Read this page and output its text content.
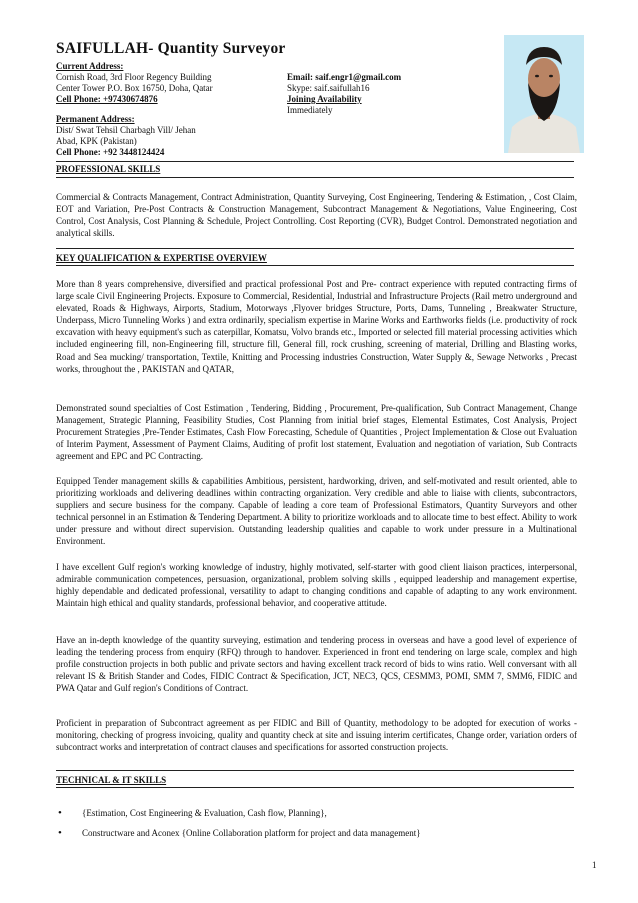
SAIFULLAH- Quantity Surveyor
Current Address:
Cornish Road, 3rd Floor Regency Building
Center Tower P.O. Box 16750, Doha, Qatar
Cell Phone: +97430674876
Email: saif.engr1@gmail.com
Skype: saif.saifullah16
Joining Availability
Immediately
Permanent Address:
Dist/ Swat Tehsil Charbagh Vill/ Jehan
Abad, KPK (Pakistan)
Cell Phone: +92 3448124424
PROFESSIONAL SKILLS
Commercial & Contracts Management, Contract Administration, Quantity Surveying, Cost Engineering, Tendering & Estimation, , Cost Claim, EOT and Variation, Pre-Post Contracts & Construction Management, Subcontract Management & Negotiations, Value Engineering, Cost Control, Cost Analysis, Cost Planning & Schedule, Project Controlling. Cost Reporting (CVR), Budget Control. Demonstrated negotiation and analytical skills.
KEY QUALIFICATION & EXPERTISE OVERVIEW
More than 8 years comprehensive, diversified and practical professional Post and Pre- contract experience with reputed contracting firms of large scale Civil Engineering Projects. Exposure to Commercial, Residential, Industrial and Infrastructure Projects (Rail metro underground and elevated, Roads & Highways, Airports, Stadium, Motorways ,Flyover bridges Structure, Ports, Dams, Tunneling , Breakwater Structure, Underpass, Micro Tunneling Works ) and extra ordinarily, specialism expertise in Marine Works and Earthworks fields (i.e. productivity of rock excavation with heavy equipment's such as caterpillar, Komatsu, Volvo brands etc., Imported or selected fill material processing activities which included engineering fill, non-Engineering fill, structure fill, General fill, rock crushing, screening of material, Drilling and Blasting works, Road and Sea mucking/ transportation, Textile, Knitting and Processing industries Construction, Water Supply &, Sewage Networks , Precast works, throughout the , PAKISTAN and QATAR,
Demonstrated sound specialties of Cost Estimation , Tendering, Bidding , Procurement, Pre-qualification, Sub Contract Management, Change Management, Strategic Planning, Feasibility Studies, Cost Planning from initial brief stages, Elemental Estimates, Cost Analysis, Project Procurement Strategies ,Pre-Tender Estimates, Cash Flow Forecasting, Schedule of Quantities , Project Implementation & Close out Evaluation of Interim Payment, Assessment of Payment Claims, Auditing of profit lost statement, Evaluation and negotiation of variation, Sub Contracts agreement and EPC and PC Contracting.
Equipped Tender management skills & capabilities Ambitious, persistent, hardworking, driven, and self-motivated and result oriented, able to prioritizing workloads and delivering deadlines within contracting organization. Very credible and able to liaise with clients, subcontractors, suppliers and secure business for the company. Capable of leading a core team of Professional Estimators, Quantity Surveyors and other technical personnel in an Estimation & Tendering Department. A bility to prioritize workloads and to allocate time to best effect. Ability to work under pressure and without direct supervision. Outstanding leadership qualities and capable to work under pressure in a Multinational Environment.
I have excellent Gulf region's working knowledge of industry, highly motivated, self-starter with good client liaison practices, interpersonal, admirable communication competences, persuasion, organizational, problem solving skills , equipped leadership and management expertise, highly dependable and dedicated professional, versatility to adapt to changing conditions and capable of adapting to any work environment. Maintain high ethical and quality standards, professional behavior, and cooperative attitude.
Have an in-depth knowledge of the quantity surveying, estimation and tendering process in overseas and have a good level of experience of leading the tendering process from enquiry (RFQ) through to handover. Experienced in front end tendering on large scale, complex and high profile construction projects in both public and private sectors and having excellent track record of bids to wins ratio. Well conversant with all relevant IS & British Stander and Codes, FIDIC Contract & Specification, JCT, NEC3, QCS, CESMM3, POMI, SMM 7, SMM6, FIDIC and PWA Qatar and Gulf region's Conditions of Contract.
Proficient in preparation of Subcontract agreement as per FIDIC and Bill of Quantity, methodology to be adopted for execution of works - monitoring, checking of progress invoicing, quality and quantity check at site and issuing interim certificates, Change order, variation orders of subcontract works and interpretation of contract clauses and specifications for assorted construction projects.
TECHNICAL & IT SKILLS
• {Estimation, Cost Engineering & Evaluation, Cash flow, Planning},
• Constructware and Aconex {Online Collaboration platform for project and data management}
1
